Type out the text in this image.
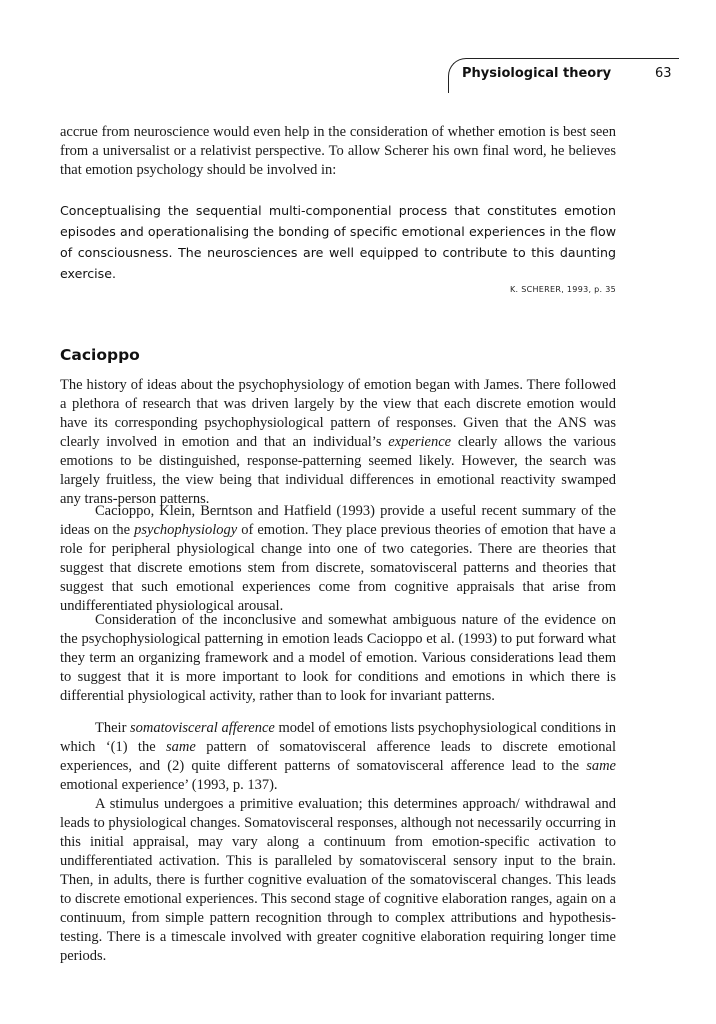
Physiological theory	63

accrue from neuroscience would even help in the consideration of whether emotion is best seen from a universalist or a relativist perspective. To allow Scherer his own final word, he believes that emotion psychology should be involved in:

Conceptualising the sequential multi-componential process that constitutes emotion episodes and operationalising the bonding of specific emotional experiences in the flow of consciousness. The neurosciences are well equipped to contribute to this daunting exercise.

K. SCHERER, 1993, p. 35
Cacioppo

The history of ideas about the psychophysiology of emotion began with James. There followed a plethora of research that was driven largely by the view that each discrete emotion would have its corresponding psychophysiological pattern of responses. Given that the ANS was clearly involved in emotion and that an individual’s experience clearly allows the various emotions to be distinguished, response-patterning seemed likely. However, the search was largely fruitless, the view being that individual differences in emotional reactivity swamped any trans-person patterns.

Cacioppo, Klein, Berntson and Hatfield (1993) provide a useful recent summary of the ideas on the psychophysiology of emotion. They place previous theories of emotion that have a role for peripheral physiological change into one of two categories. There are theories that suggest that discrete emotions stem from discrete, somatovisceral patterns and theories that suggest that such emotional experiences come from cognitive appraisals that arise from undifferentiated physiological arousal.

Consideration of the inconclusive and somewhat ambiguous nature of the evidence on the psychophysiological patterning in emotion leads Cacioppo et al. (1993) to put forward what they term an organizing framework and a model of emotion. Various considerations lead them to suggest that it is more important to look for conditions and emotions in which there is differential physiological activity, rather than to look for invariant patterns.

Their somatovisceral afference model of emotions lists psychophysiological conditions in which ‘(1) the same pattern of somatovisceral afference leads to discrete emotional experiences, and (2) quite different patterns of somatovisceral afference lead to the same emotional experience’ (1993, p. 137).

A stimulus undergoes a primitive evaluation; this determines approach/ withdrawal and leads to physiological changes. Somatovisceral responses, although not necessarily occurring in this initial appraisal, may vary along a continuum from emotion-specific activation to undifferentiated activation. This is paralleled by somatovisceral sensory input to the brain. Then, in adults, there is further cognitive evaluation of the somatovisceral changes. This leads to discrete emotional experiences. This second stage of cognitive elaboration ranges, again on a continuum, from simple pattern recognition through to complex attributions and hypothesis-testing. There is a timescale involved with greater cognitive elaboration requiring longer time periods.
